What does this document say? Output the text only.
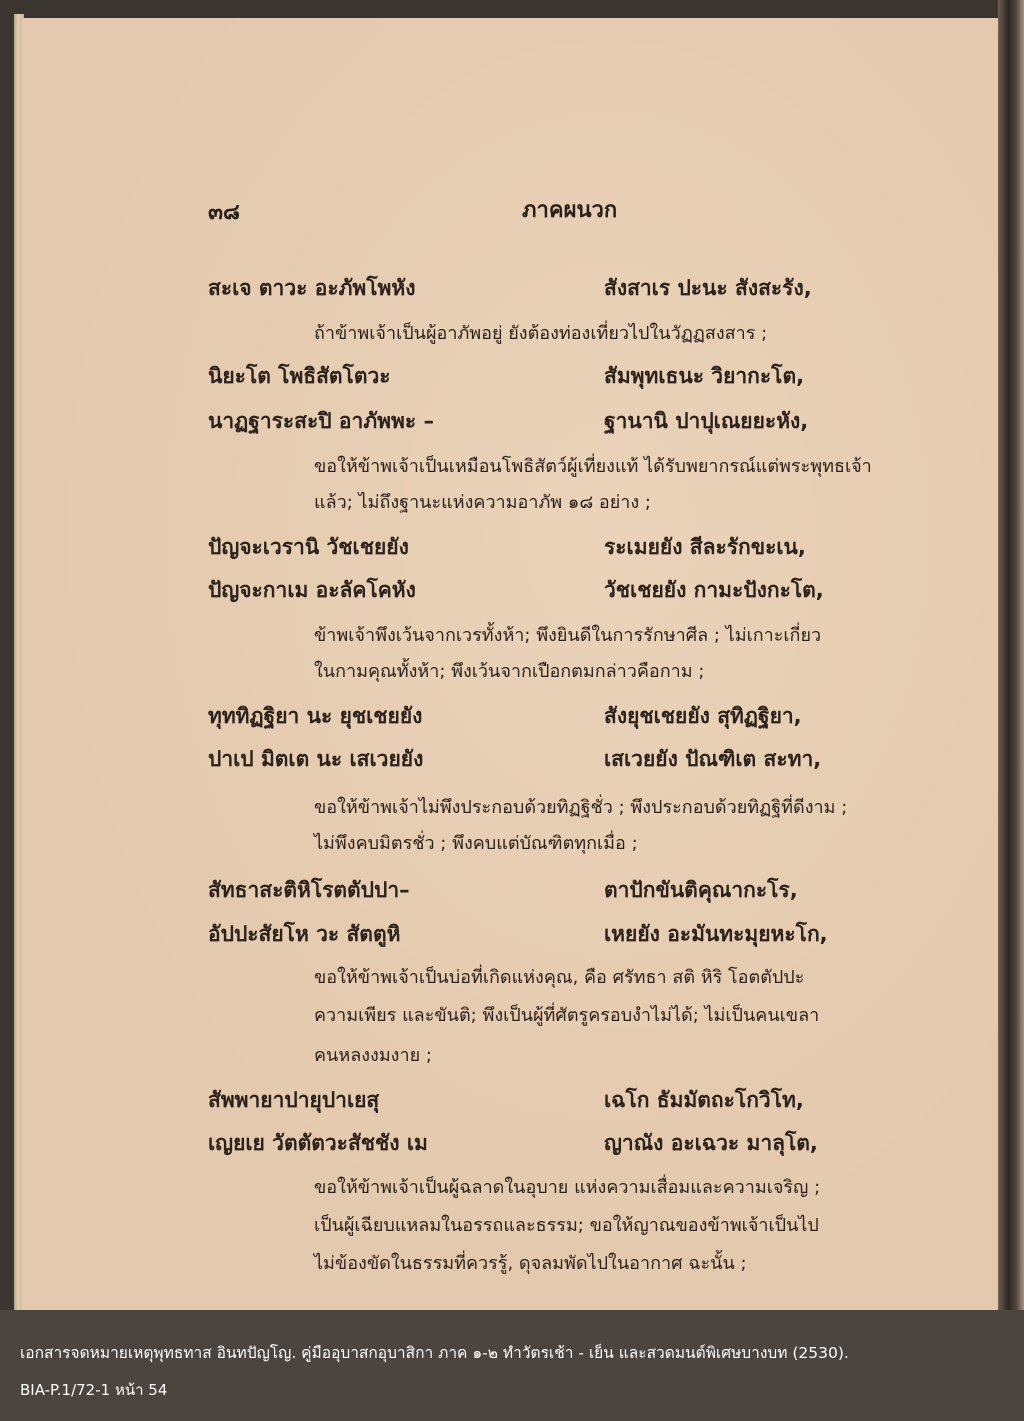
๓๘	ภาคผนวก
สะเจ ตาวะ อะภัพโพหัง	สังสาเร ปะนะ สังสะรัง,
ถ้าข้าพเจ้าเป็นผู้อาภัพอยู่ ยังต้องท่องเที่ยวไปในวัฏฏสงสาร ;
นิยะโต โพธิสัตโตวะ	สัมพุทเธนะ วิยากะโต,
นาฏฐาระสะปิ อาภัพพะ –	ฐานานิ ปาปุเณยยะหัง,
ขอให้ข้าพเจ้าเป็นเหมือนโพธิสัตว์ผู้เที่ยงแท้ ได้รับพยากรณ์แต่พระพุทธเจ้า
แล้ว; ไม่ถึงฐานะแห่งความอาภัพ ๑๘ อย่าง ;
ปัญจะเวรานิ วัชเชยยัง	ระเมยยัง สีละรักขะเน,
ปัญจะกาเม อะลัคโคหัง	วัชเชยยัง กามะปังกะโต,
ข้าพเจ้าพึงเว้นจากเวรทั้งห้า; พึงยินดีในการรักษาศีล ; ไม่เกาะเกี่ยว
ในกามคุณทั้งห้า; พึงเว้นจากเปือกตมกล่าวคือกาม ;
ทุททิฏฐิยา นะ ยุชเชยยัง	สังยุชเชยยัง สุทิฏฐิยา,
ปาเป มิตเต นะ เสเวยยัง	เสเวยยัง ปัณฑิเต สะทา,
ขอให้ข้าพเจ้าไม่พึงประกอบด้วยทิฏฐิชั่ว ; พึงประกอบด้วยทิฏฐิที่ดีงาม ;
ไม่พึงคบมิตรชั่ว ; พึงคบแต่บัณฑิตทุกเมื่อ ;
สัทธาสะติหิโรตตัปปา–	ตาปักขันติคุณากะโร,
อัปปะสัยโห วะ สัตตูหิ	เหยยัง อะมันทะมุยหะโก,
ขอให้ข้าพเจ้าเป็นบ่อที่เกิดแห่งคุณ, คือ ศรัทธา สติ หิริ โอตตัปปะ
ความเพียร และขันติ; พึงเป็นผู้ที่ศัตรูครอบงำไม่ได้; ไม่เป็นคนเขลา
คนหลงงมงาย ;
สัพพายาปายุปาเยสุ	เฉโก ธัมมัตถะโกวิโท,
เญยเย วัตตัตวะสัชชัง เม	ญาณัง อะเฉวะ มาลุโต,
ขอให้ข้าพเจ้าเป็นผู้ฉลาดในอุบาย แห่งความเสื่อมและความเจริญ ;
เป็นผู้เฉียบแหลมในอรรถและธรรม; ขอให้ญาณของข้าพเจ้าเป็นไป
ไม่ข้องขัดในธรรมที่ควรรู้, ดุจลมพัดไปในอากาศ ฉะนั้น ;
เอกสารจดหมายเหตุพุทธทาส อินทปัญโญ. คู่มืออุบาสกอุบาสิกา ภาค ๑-๒ ทำวัตรเช้า - เย็น และสวดมนต์พิเศษบางบท (2530).
BIA-P.1/72-1 หน้า 54
